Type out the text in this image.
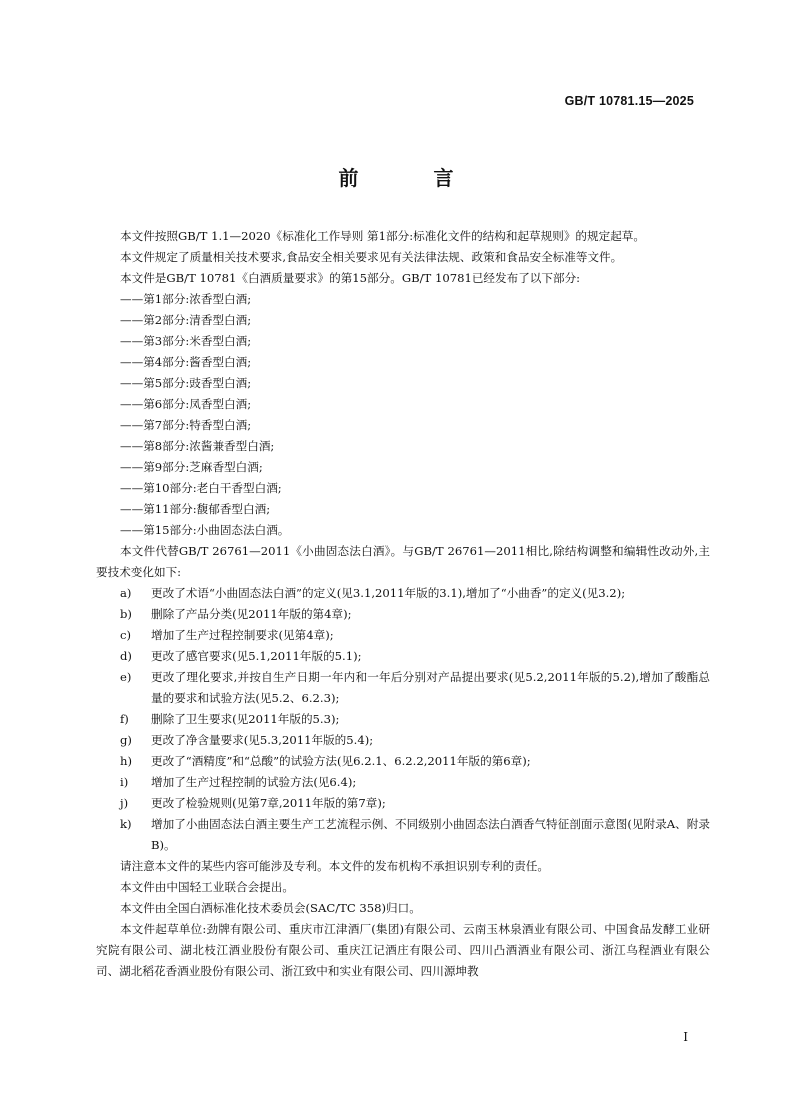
GB/T 10781.15—2025
前 言

本文件按照GB/T 1.1—2020《标准化工作导则 第1部分:标准化文件的结构和起草规则》的规定起草。

本文件规定了质量相关技术要求,食品安全相关要求见有关法律法规、政策和食品安全标准等文件。

本文件是GB/T 10781《白酒质量要求》的第15部分。GB/T 10781已经发布了以下部分:

——第1部分:浓香型白酒;

——第2部分:清香型白酒;

——第3部分:米香型白酒;

——第4部分:酱香型白酒;

——第5部分:豉香型白酒;

——第6部分:凤香型白酒;

——第7部分:特香型白酒;

——第8部分:浓酱兼香型白酒;

——第9部分:芝麻香型白酒;

——第10部分:老白干香型白酒;

——第11部分:馥郁香型白酒;

——第15部分:小曲固态法白酒。

本文件代替GB/T 26761—2011《小曲固态法白酒》。与GB/T 26761—2011相比,除结构调整和编辑性改动外,主要技术变化如下:

a) 更改了术语“小曲固态法白酒”的定义(见3.1,2011年版的3.1),增加了“小曲香”的定义(见3.2);
b) 删除了产品分类(见2011年版的第4章);
c) 增加了生产过程控制要求(见第4章);
d) 更改了感官要求(见5.1,2011年版的5.1);
e) 更改了理化要求,并按自生产日期一年内和一年后分别对产品提出要求(见5.2,2011年版的5.2),增加了酸酯总量的要求和试验方法(见5.2、6.2.3);
f) 删除了卫生要求(见2011年版的5.3);
g) 更改了净含量要求(见5.3,2011年版的5.4);
h) 更改了“酒精度”和“总酸”的试验方法(见6.2.1、6.2.2,2011年版的第6章);
i) 增加了生产过程控制的试验方法(见6.4);
j) 更改了检验规则(见第7章,2011年版的第7章);
k) 增加了小曲固态法白酒主要生产工艺流程示例、不同级别小曲固态法白酒香气特征剖面示意图(见附录A、附录B)。

请注意本文件的某些内容可能涉及专利。本文件的发布机构不承担识别专利的责任。

本文件由中国轻工业联合会提出。

本文件由全国白酒标准化技术委员会(SAC/TC 358)归口。

本文件起草单位:劲牌有限公司、重庆市江津酒厂(集团)有限公司、云南玉林泉酒业有限公司、中国食品发酵工业研究院有限公司、湖北枝江酒业股份有限公司、重庆江记酒庄有限公司、四川凸酒酒业有限公司、浙江乌程酒业有限公司、湖北稻花香酒业股份有限公司、浙江致中和实业有限公司、四川源坤教

I
